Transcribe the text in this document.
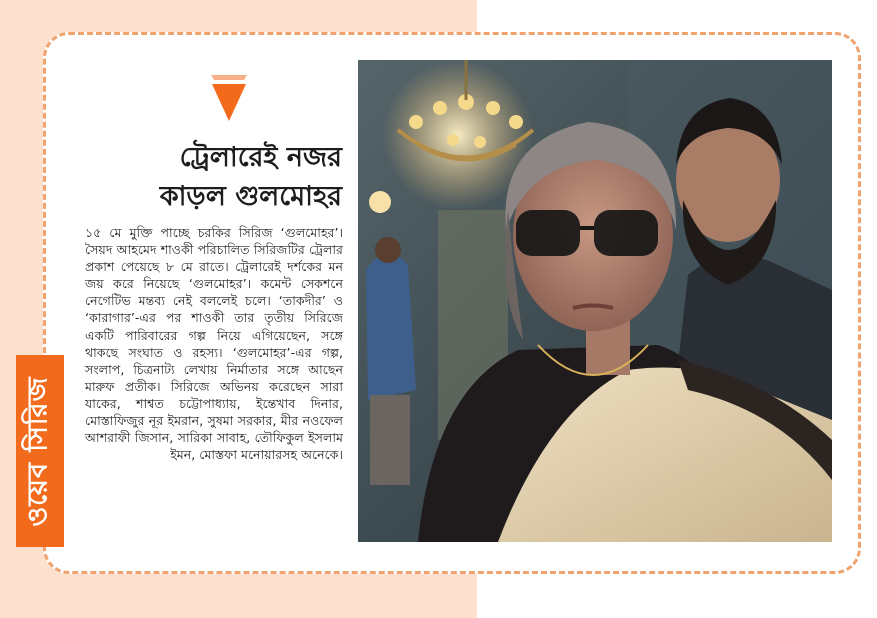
ওয়েব সিরিজ
ট্রেলারেই নজর
কাড়ল গুলমোহর
১৫ মে মুক্তি পাচ্ছে চরকির সিরিজ ‘গুলমোহর’। সৈয়দ আহমেদ শাওকী পরিচালিত সিরিজটির ট্রেলার প্রকাশ পেয়েছে ৮ মে রাতে। ট্রেলারেই দর্শকের মন জয় করে নিয়েছে ‘গুলমোহর’। কমেন্ট সেকশনে নেগেটিভ মন্তব্য নেই বললেই চলে। ‘তাকদীর’ ও ‘কারাগার’-এর পর শাওকী তার তৃতীয় সিরিজে একটি পারিবারের গল্প নিয়ে এগিয়েছেন, সঙ্গে থাকছে সংঘাত ও রহস্য। ‘গুলমোহর’-এর গল্প, সংলাপ, চিত্রনাট্য লেখায় নির্মাতার সঙ্গে আছেন মারুফ প্রতীক। সিরিজে অভিনয় করেছেন সারা যাকের, শাশ্বত চট্টোপাধ্যায়, ইন্তেখাব দিনার, মোস্তাফিজুর নূর ইমরান, সুষমা সরকার, মীর নওফেল আশরাফী জিসান, সারিকা সাবাহ, তৌফিকুল ইসলাম ইমন, মোস্তফা মনোয়ারসহ অনেকে।
